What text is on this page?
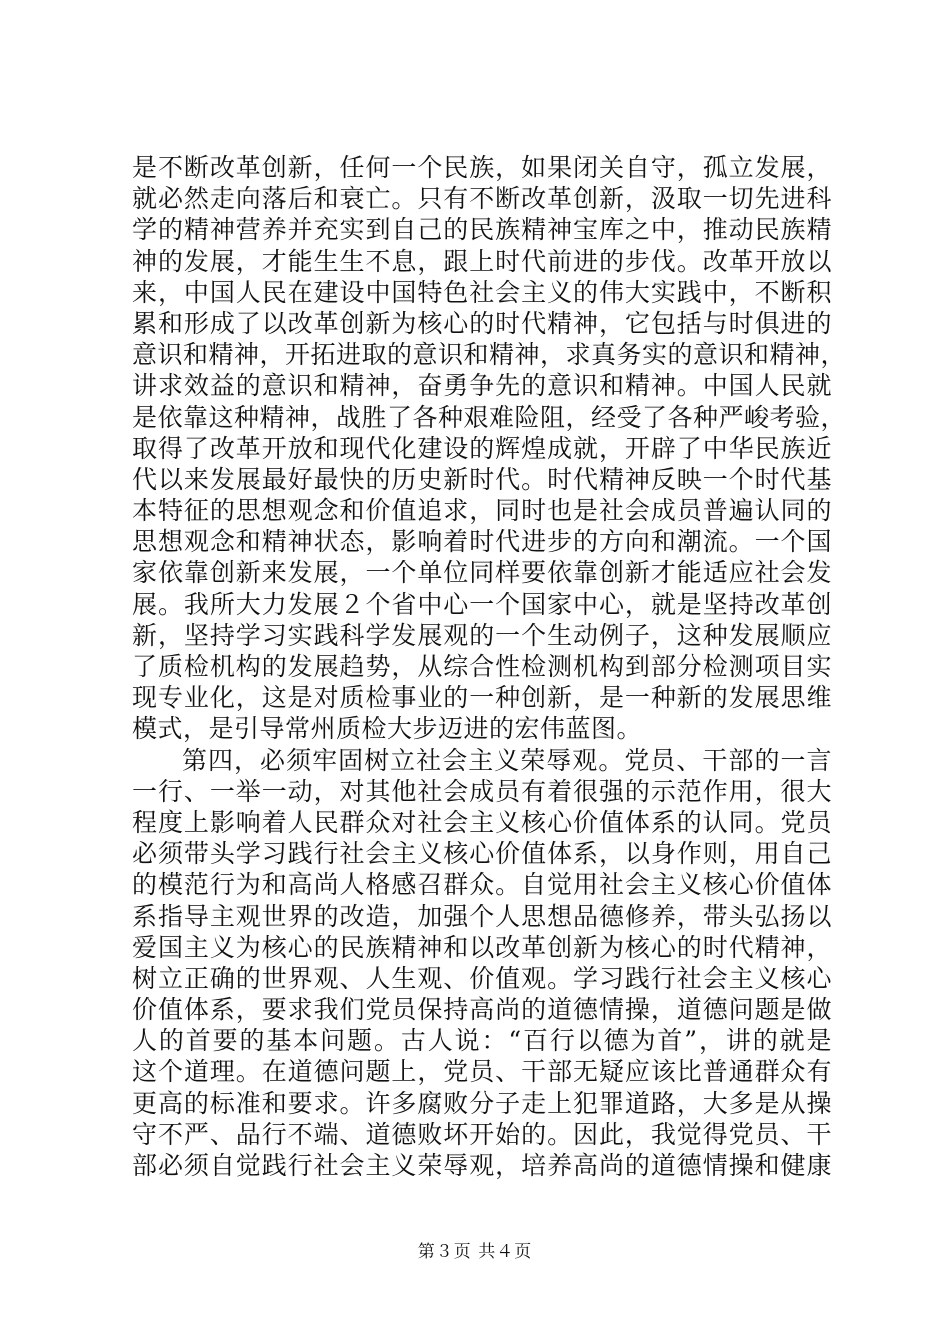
是不断改革创新，任何一个民族，如果闭关自守，孤立发展，
就必然走向落后和衰亡。只有不断改革创新，汲取一切先进科
学的精神营养并充实到自己的民族精神宝库之中，推动民族精
神的发展，才能生生不息，跟上时代前进的步伐。改革开放以
来，中国人民在建设中国特色社会主义的伟大实践中，不断积
累和形成了以改革创新为核心的时代精神，它包括与时俱进的
意识和精神，开拓进取的意识和精神，求真务实的意识和精神，
讲求效益的意识和精神，奋勇争先的意识和精神。中国人民就
是依靠这种精神，战胜了各种艰难险阻，经受了各种严峻考验，
取得了改革开放和现代化建设的辉煌成就，开辟了中华民族近
代以来发展最好最快的历史新时代。时代精神反映一个时代基
本特征的思想观念和价值追求，同时也是社会成员普遍认同的
思想观念和精神状态，影响着时代进步的方向和潮流。一个国
家依靠创新来发展，一个单位同样要依靠创新才能适应社会发
展。我所大力发展２个省中心一个国家中心，就是坚持改革创
新，坚持学习实践科学发展观的一个生动例子，这种发展顺应
了质检机构的发展趋势，从综合性检测机构到部分检测项目实
现专业化，这是对质检事业的一种创新，是一种新的发展思维
模式，是引导常州质检大步迈进的宏伟蓝图。
第四，必须牢固树立社会主义荣辱观。党员、干部的一言
一行、一举一动，对其他社会成员有着很强的示范作用，很大
程度上影响着人民群众对社会主义核心价值体系的认同。党员
必须带头学习践行社会主义核心价值体系，以身作则，用自己
的模范行为和高尚人格感召群众。自觉用社会主义核心价值体
系指导主观世界的改造，加强个人思想品德修养，带头弘扬以
爱国主义为核心的民族精神和以改革创新为核心的时代精神，
树立正确的世界观、人生观、价值观。学习践行社会主义核心
价值体系，要求我们党员保持高尚的道德情操，道德问题是做
人的首要的基本问题。古人说：“百行以德为首”，讲的就是
这个道理。在道德问题上，党员、干部无疑应该比普通群众有
更高的标准和要求。许多腐败分子走上犯罪道路，大多是从操
守不严、品行不端、道德败坏开始的。因此，我觉得党员、干
部必须自觉践行社会主义荣辱观，培养高尚的道德情操和健康
第３页 共４页
